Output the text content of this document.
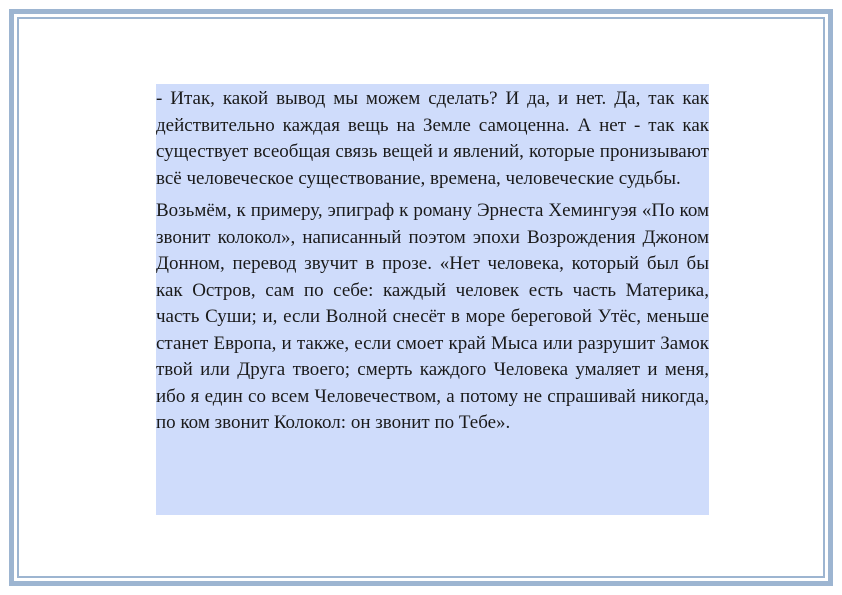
- Итак, какой вывод мы можем сделать? И да, и нет. Да, так как действительно каждая вещь на Земле самоценна. А нет - так как существует всеобщая связь вещей и явлений, которые пронизывают всё человеческое существование, времена, человеческие судьбы.

Возьмём, к примеру, эпиграф к роману Эрнеста Хемингуэя «По ком звонит колокол», написанный поэтом эпохи Возрождения Джоном Донном, перевод звучит в прозе. «Нет человека, который был бы как Остров, сам по себе: каждый человек есть часть Материка, часть Суши; и, если Волной снесёт в море береговой Утёс, меньше станет Европа, и также, если смоет край Мыса или разрушит Замок твой или Друга твоего; смерть каждого Человека умаляет и меня, ибо я един со всем Человечеством, а потому не спрашивай никогда, по ком звонит Колокол: он звонит по Тебе».
